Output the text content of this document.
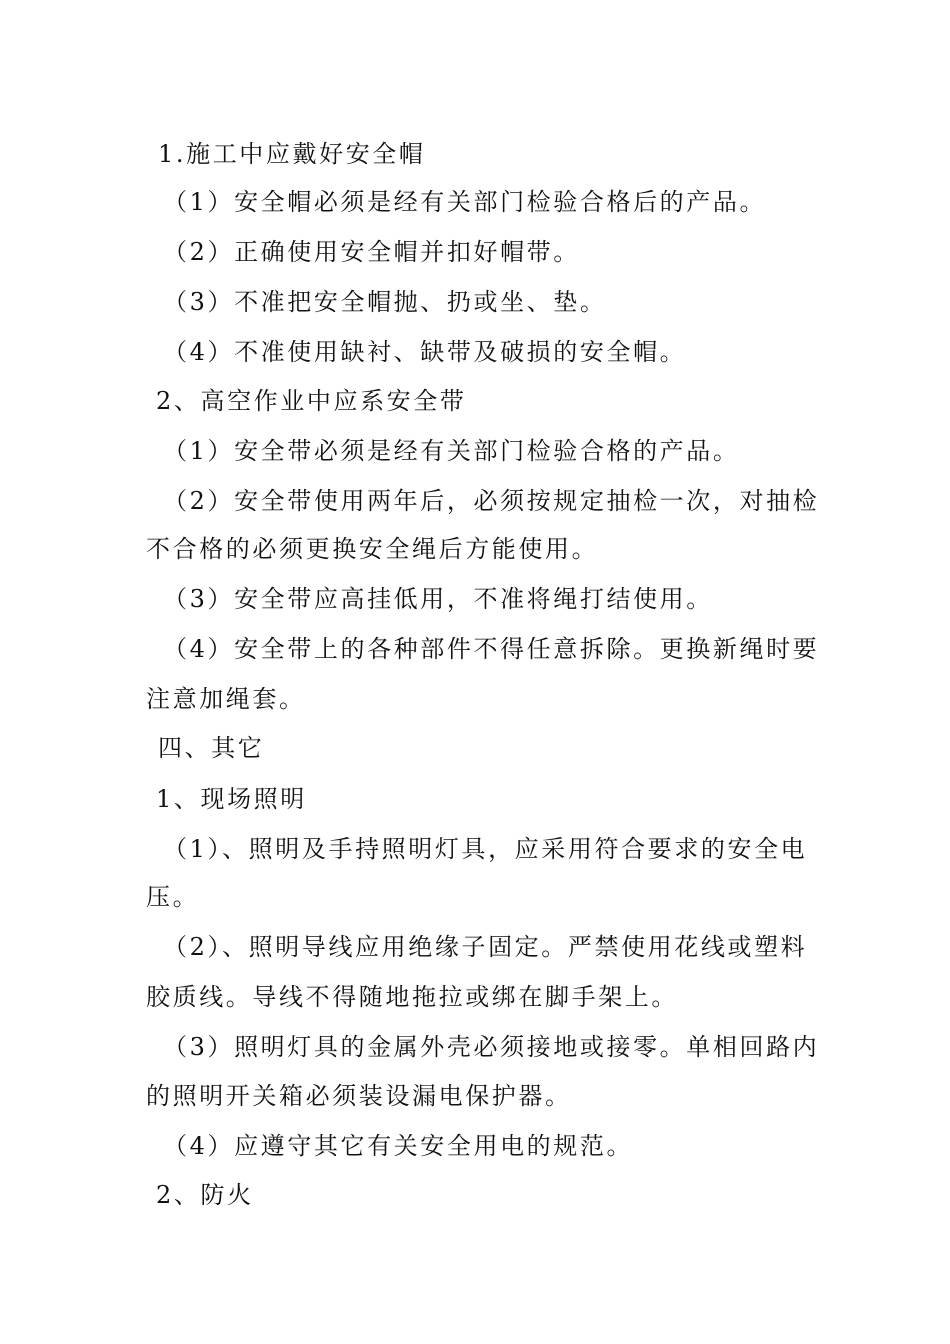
1.施工中应戴好安全帽
（1）安全帽必须是经有关部门检验合格后的产品。
（2）正确使用安全帽并扣好帽带。
（3）不准把安全帽抛、扔或坐、垫。
（4）不准使用缺衬、缺带及破损的安全帽。
2、高空作业中应系安全带
（1）安全带必须是经有关部门检验合格的产品。
（2）安全带使用两年后，必须按规定抽检一次，对抽检
不合格的必须更换安全绳后方能使用。
（3）安全带应高挂低用，不准将绳打结使用。
（4）安全带上的各种部件不得任意拆除。更换新绳时要
注意加绳套。
四、其它
1、现场照明
（1）、照明及手持照明灯具，应采用符合要求的安全电
压。
（2）、照明导线应用绝缘子固定。严禁使用花线或塑料
胶质线。导线不得随地拖拉或绑在脚手架上。
（3）照明灯具的金属外壳必须接地或接零。单相回路内
的照明开关箱必须装设漏电保护器。
（4）应遵守其它有关安全用电的规范。
2、防火
